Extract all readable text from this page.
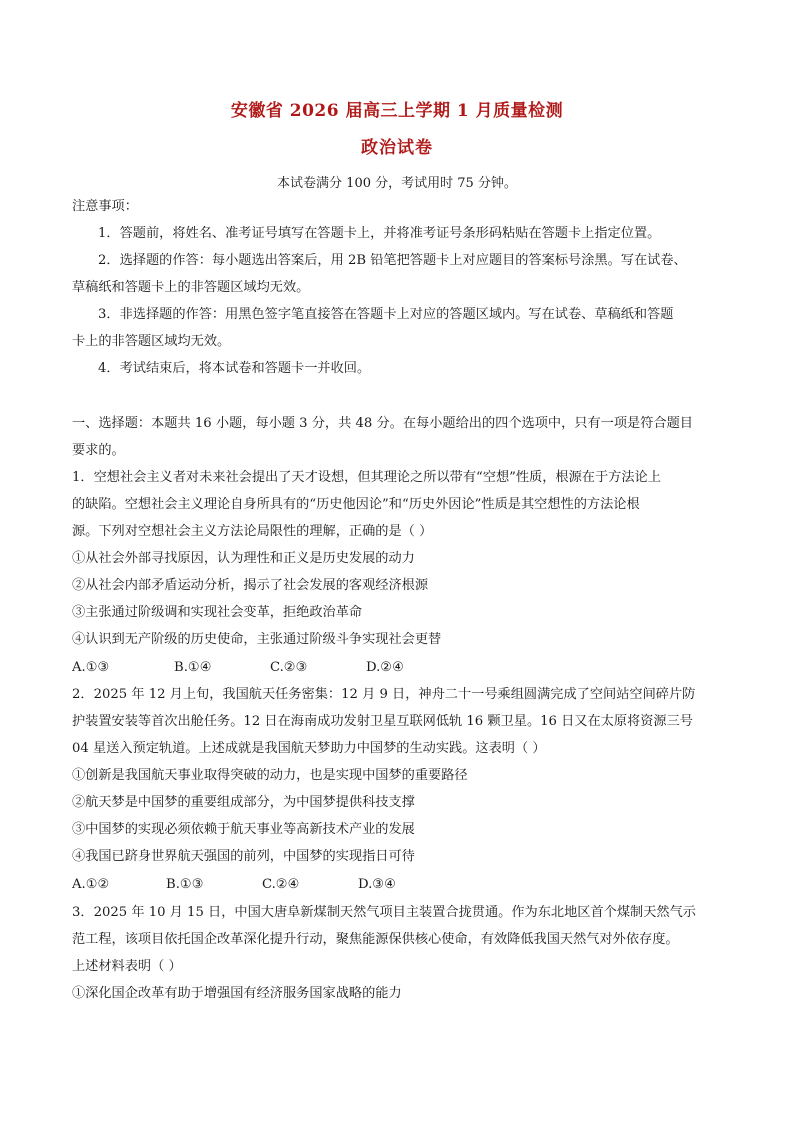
安徽省 2026 届高三上学期 1 月质量检测
政治试卷
本试卷满分 100 分，考试用时 75 分钟。
注意事项：
1．答题前，将姓名、准考证号填写在答题卡上，并将准考证号条形码粘贴在答题卡上指定位置。
2．选择题的作答：每小题选出答案后，用 2B 铅笔把答题卡上对应题目的答案标号涂黑。写在试卷、
草稿纸和答题卡上的非答题区域均无效。
3．非选择题的作答：用黑色签字笔直接答在答题卡上对应的答题区域内。写在试卷、草稿纸和答题
卡上的非答题区域均无效。
4．考试结束后，将本试卷和答题卡一并收回。
一、选择题：本题共 16 小题，每小题 3 分，共 48 分。在每小题给出的四个选项中，只有一项是符合题目
要求的。
1．空想社会主义者对未来社会提出了天才设想，但其理论之所以带有“空想”性质，根源在于方法论上
的缺陷。空想社会主义理论自身所具有的“历史他因论”和“历史外因论”性质是其空想性的方法论根
源。下列对空想社会主义方法论局限性的理解，正确的是（ ）
①从社会外部寻找原因，认为理性和正义是历史发展的动力
②从社会内部矛盾运动分析，揭示了社会发展的客观经济根源
③主张通过阶级调和实现社会变革，拒绝政治革命
④认识到无产阶级的历史使命，主张通过阶级斗争实现社会更替
A.①③	B.①④	C.②③	D.②④
2．2025 年 12 月上旬，我国航天任务密集：12 月 9 日，神舟二十一号乘组圆满完成了空间站空间碎片防
护装置安装等首次出舱任务。12 日在海南成功发射卫星互联网低轨 16 颗卫星。16 日又在太原将资源三号
04 星送入预定轨道。上述成就是我国航天梦助力中国梦的生动实践。这表明（ ）
①创新是我国航天事业取得突破的动力，也是实现中国梦的重要路径
②航天梦是中国梦的重要组成部分，为中国梦提供科技支撑
③中国梦的实现必须依赖于航天事业等高新技术产业的发展
④我国已跻身世界航天强国的前列，中国梦的实现指日可待
A.①②	B.①③	C.②④	D.③④
3．2025 年 10 月 15 日，中国大唐阜新煤制天然气项目主装置合拢贯通。作为东北地区首个煤制天然气示
范工程，该项目依托国企改革深化提升行动，聚焦能源保供核心使命，有效降低我国天然气对外依存度。
上述材料表明（ ）
①深化国企改革有助于增强国有经济服务国家战略的能力
